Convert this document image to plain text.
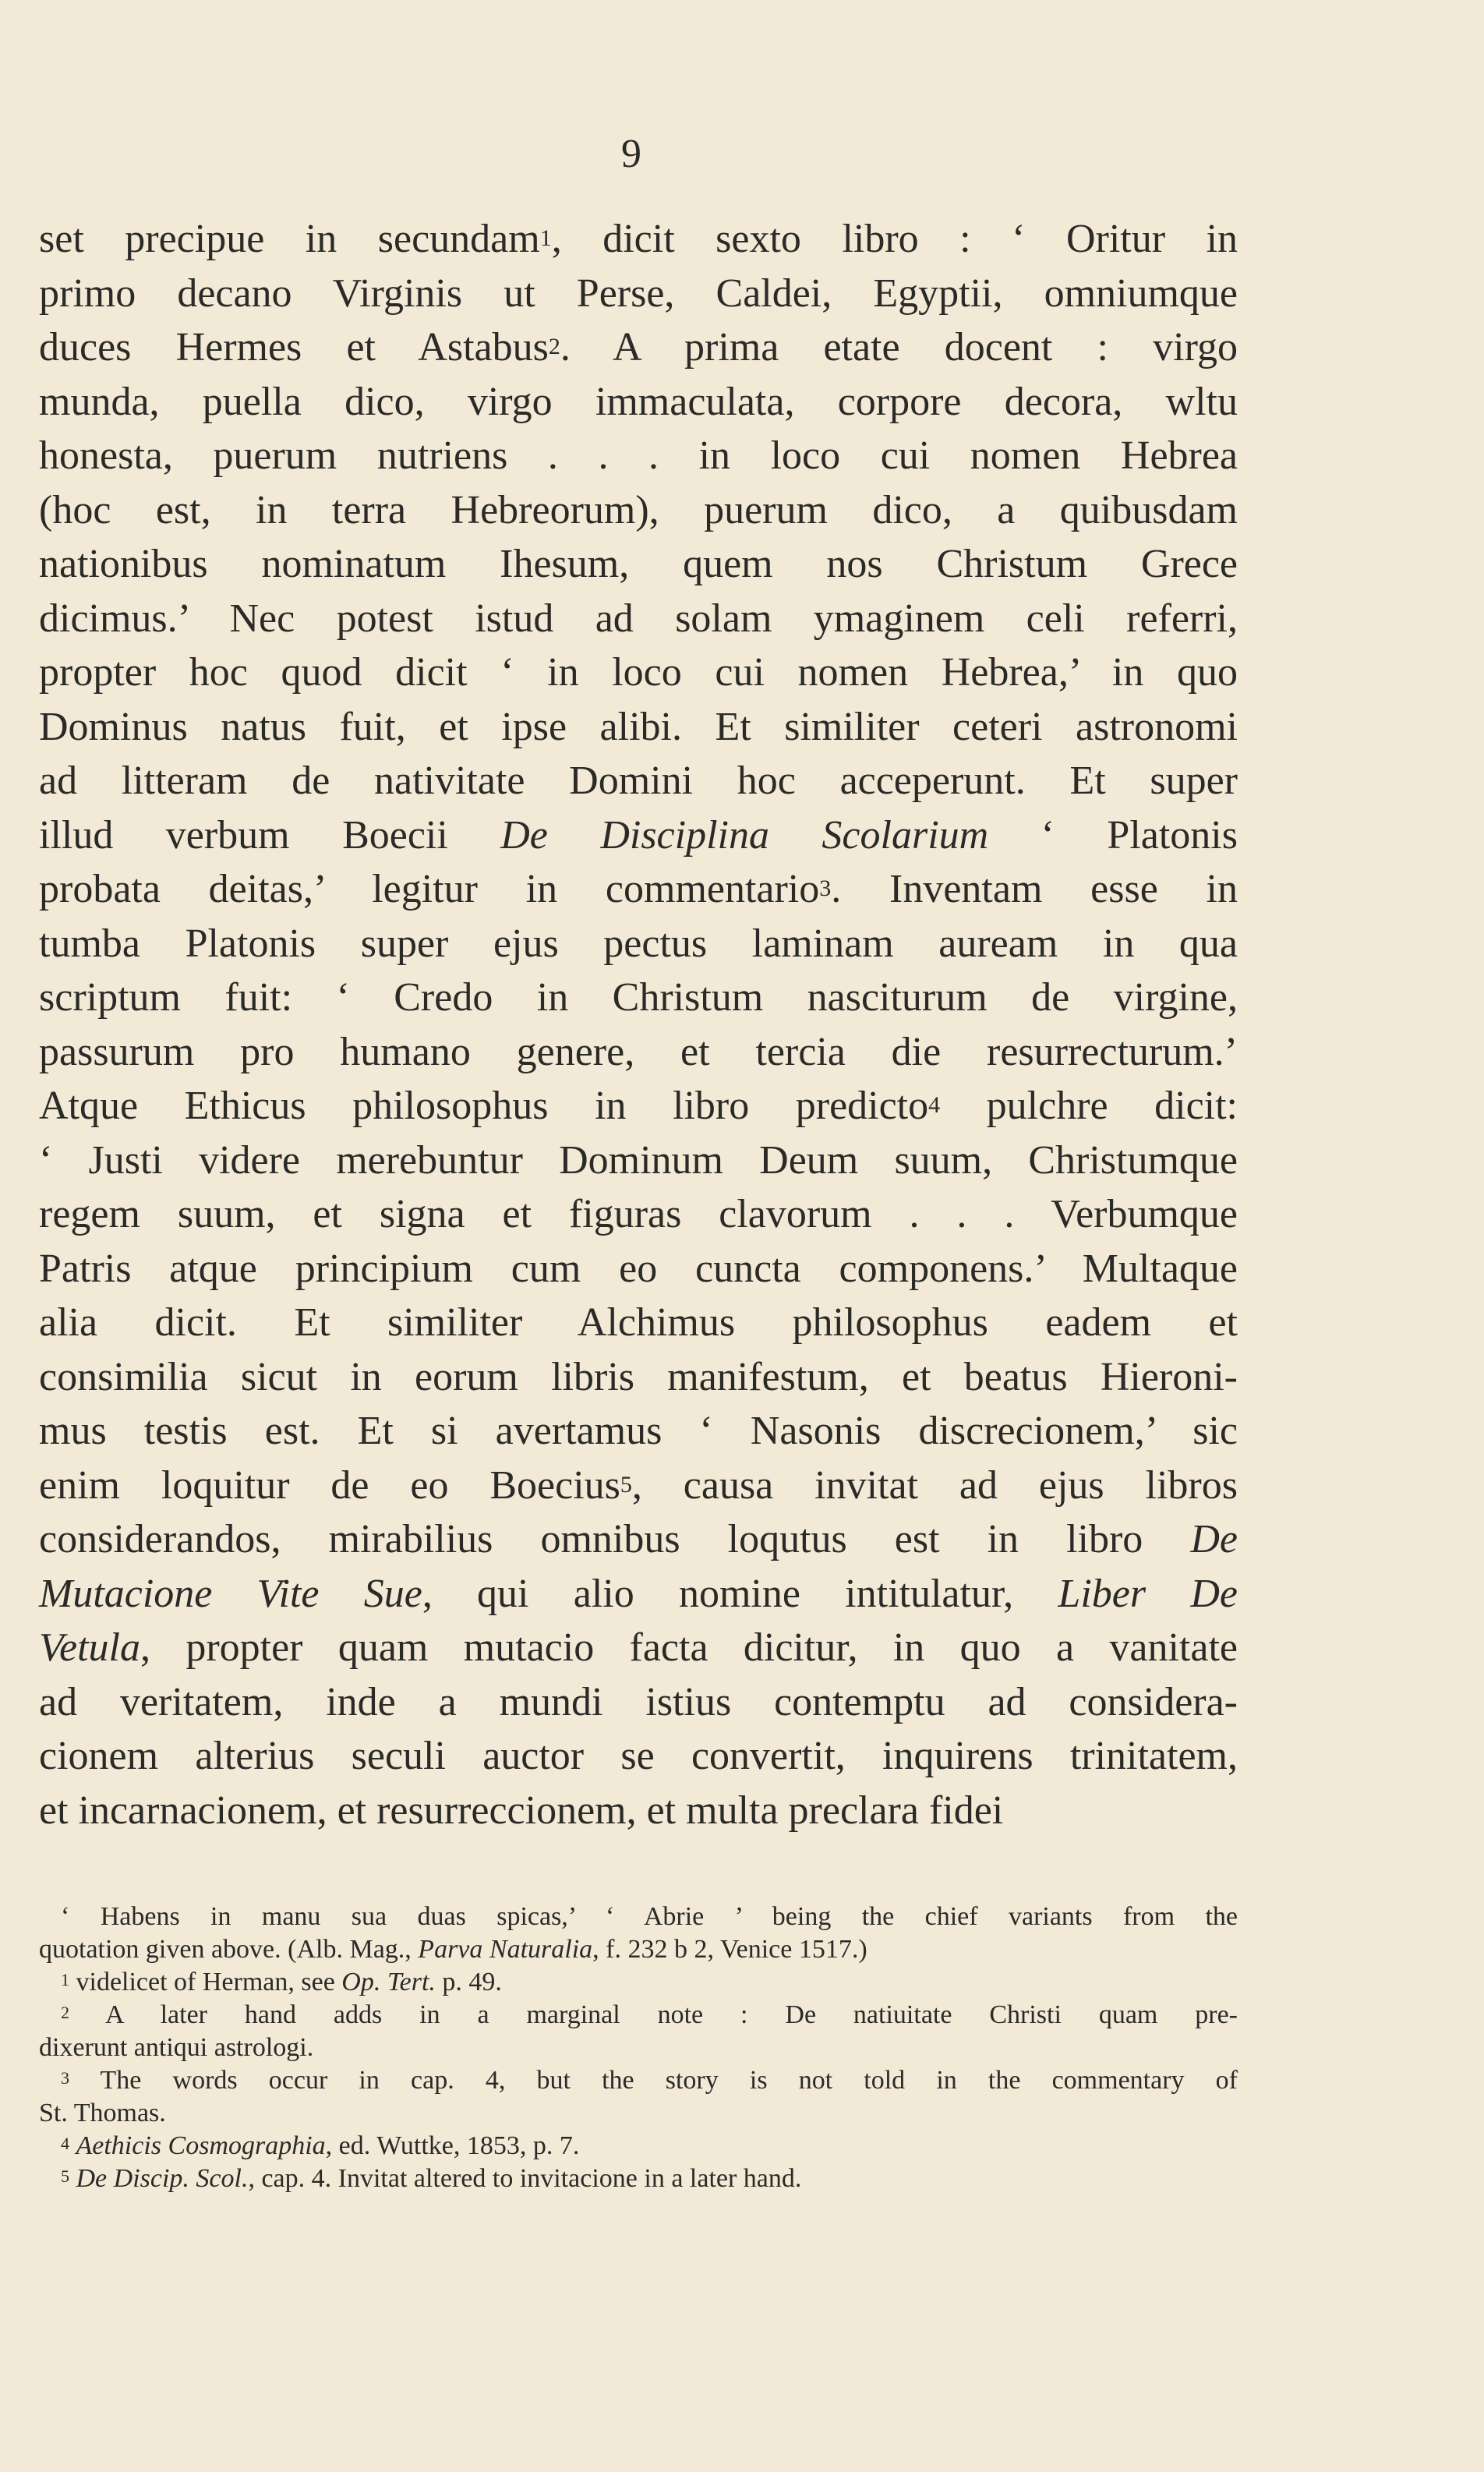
9
set precipue in secundam$^1$, dicit sexto libro : ‘ Oritur in
primo decano Virginis ut Perse, Caldei, Egyptii, omniumque
duces Hermes et Astabus$^2$. A prima etate docent : virgo
munda, puella dico, virgo immaculata, corpore decora, wltu
honesta, puerum nutriens . . . in loco cui nomen Hebrea
(hoc est, in terra Hebreorum), puerum dico, a quibusdam
nationibus nominatum Ihesum, quem nos Christum Grece
dicimus.’ Nec potest istud ad solam ymaginem celi referri,
propter hoc quod dicit ‘ in loco cui nomen Hebrea,’ in quo
Dominus natus fuit, et ipse alibi. Et similiter ceteri astronomi
ad litteram de nativitate Domini hoc acceperunt. Et super
illud verbum Boecii De Disciplina Scolarium ‘ Platonis
probata deitas,’ legitur in commentario$^3$. Inventam esse in
tumba Platonis super ejus pectus laminam auream in qua
scriptum fuit: ‘ Credo in Christum nasciturum de virgine,
passurum pro humano genere, et tercia die resurrecturum.’
Atque Ethicus philosophus in libro predicto$^4$ pulchre dicit:
‘ Justi videre merebuntur Dominum Deum suum, Christumque
regem suum, et signa et figuras clavorum . . . Verbumque
Patris atque principium cum eo cuncta componens.’ Multaque
alia dicit. Et similiter Alchimus philosophus eadem et
consimilia sicut in eorum libris manifestum, et beatus Hieroni-
mus testis est. Et si avertamus ‘ Nasonis discrecionem,’ sic
enim loquitur de eo Boecius$^5$, causa invitat ad ejus libros
considerandos, mirabilius omnibus loqutus est in libro De
Mutacione Vite Sue, qui alio nomine intitulatur, Liber De
Vetula, propter quam mutacio facta dicitur, in quo a vanitate
ad veritatem, inde a mundi istius contemptu ad considera-
cionem alterius seculi auctor se convertit, inquirens trinitatem,
et incarnacionem, et resurreccionem, et multa preclara fidei
‘ Habens in manu sua duas spicas,’ ‘ Abrie ’ being the chief variants from the
quotation given above. (Alb. Mag., Parva Naturalia, f. 232 b 2, Venice 1517.)
$^1$ videlicet of Herman, see Op. Tert. p. 49.
$^2$ A later hand adds in a marginal note : De natiuitate Christi quam pre-
dixerunt antiqui astrologi.
$^3$ The words occur in cap. 4, but the story is not told in the commentary of
St. Thomas.
$^4$ Aethicis Cosmographia, ed. Wuttke, 1853, p. 7.
$^5$ De Discip. Scol., cap. 4. Invitat altered to invitacione in a later hand.
